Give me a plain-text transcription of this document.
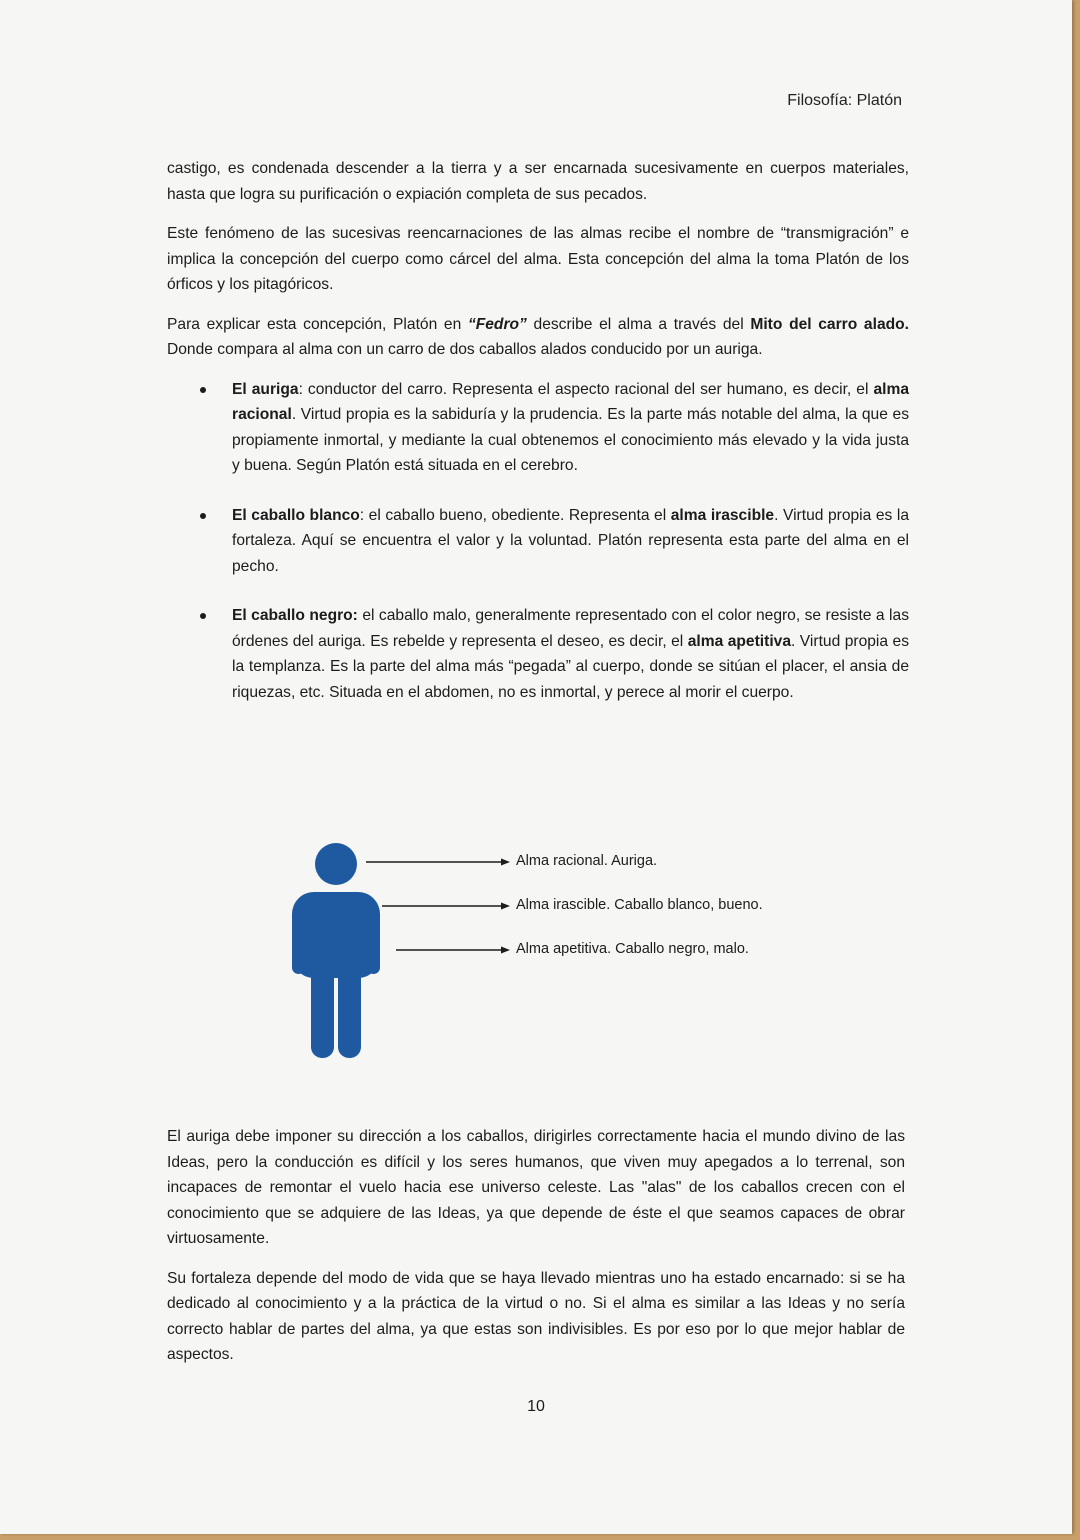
Filosofía: Platón

castigo, es condenada descender a la tierra y a ser encarnada sucesivamente en cuerpos materiales, hasta que logra su purificación o expiación completa de sus pecados.

Este fenómeno de las sucesivas reencarnaciones de las almas recibe el nombre de “transmigración” e implica la concepción del cuerpo como cárcel del alma. Esta concepción del alma la toma Platón de los órficos y los pitagóricos.

Para explicar esta concepción, Platón en “Fedro” describe el alma a través del Mito del carro alado. Donde compara al alma con un carro de dos caballos alados conducido por un auriga.

El auriga: conductor del carro. Representa el aspecto racional del ser humano, es decir, el alma racional. Virtud propia es la sabiduría y la prudencia. Es la parte más notable del alma, la que es propiamente inmortal, y mediante la cual obtenemos el conocimiento más elevado y la vida justa y buena. Según Platón está situada en el cerebro.
El caballo blanco: el caballo bueno, obediente. Representa el alma irascible. Virtud propia es la fortaleza. Aquí se encuentra el valor y la voluntad. Platón representa esta parte del alma en el pecho.
El caballo negro: el caballo malo, generalmente representado con el color negro, se resiste a las órdenes del auriga. Es rebelde y representa el deseo, es decir, el alma apetitiva. Virtud propia es la templanza. Es la parte del alma más “pegada” al cuerpo, donde se sitúan el placer, el ansia de riquezas, etc. Situada en el abdomen, no es inmortal, y perece al morir el cuerpo.
Alma racional. Auriga.
Alma irascible. Caballo blanco, bueno.
Alma apetitiva. Caballo negro, malo.

El auriga debe imponer su dirección a los caballos, dirigirles correctamente hacia el mundo divino de las Ideas, pero la conducción es difícil y los seres humanos, que viven muy apegados a lo terrenal, son incapaces de remontar el vuelo hacia ese universo celeste. Las "alas" de los caballos crecen con el conocimiento que se adquiere de las Ideas, ya que depende de éste el que seamos capaces de obrar virtuosamente.

Su fortaleza depende del modo de vida que se haya llevado mientras uno ha estado encarnado: si se ha dedicado al conocimiento y a la práctica de la virtud o no. Si el alma es similar a las Ideas y no sería correcto hablar de partes del alma, ya que estas son indivisibles. Es por eso por lo que mejor hablar de aspectos.

10
